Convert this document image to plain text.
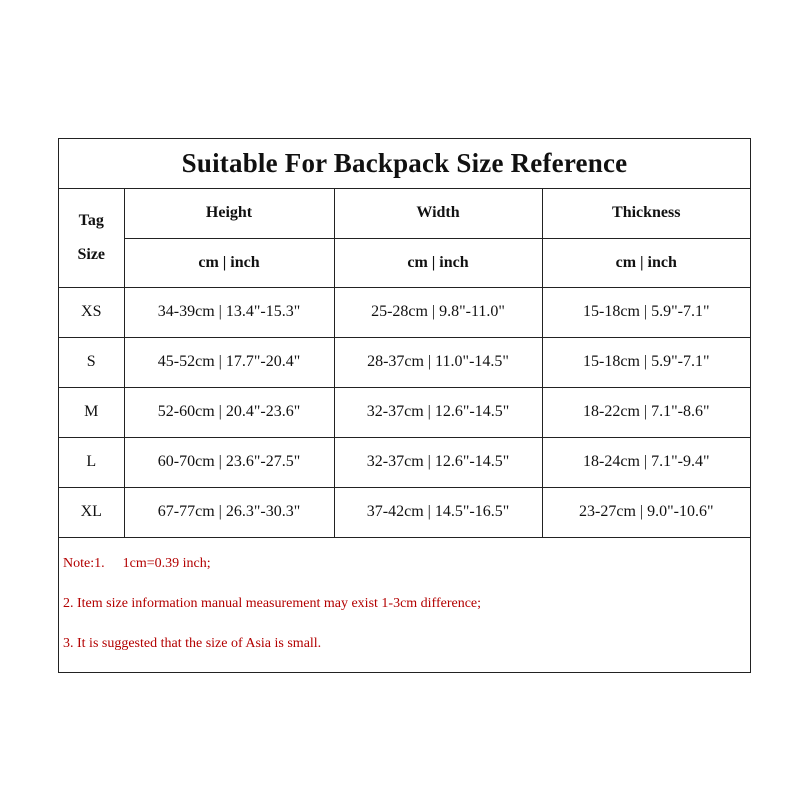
Suitable For Backpack Size Reference
Tag
Size	Height	Width	Thickness
	cm | inch	cm | inch	cm | inch
XS	34-39cm | 13.4"-15.3"	25-28cm | 9.8"-11.0"	15-18cm | 5.9"-7.1"
S	45-52cm | 17.7"-20.4"	28-37cm | 11.0"-14.5"	15-18cm | 5.9"-7.1"
M	52-60cm | 20.4"-23.6"	32-37cm | 12.6"-14.5"	18-22cm | 7.1"-8.6"
L	60-70cm | 23.6"-27.5"	32-37cm | 12.6"-14.5"	18-24cm | 7.1"-9.4"
XL	67-77cm | 26.3"-30.3"	37-42cm | 14.5"-16.5"	23-27cm | 9.0"-10.6"
Note:1. 1cm=0.39 inch;
2. Item size information manual measurement may exist 1-3cm difference;
3. It is suggested that the size of Asia is small.
